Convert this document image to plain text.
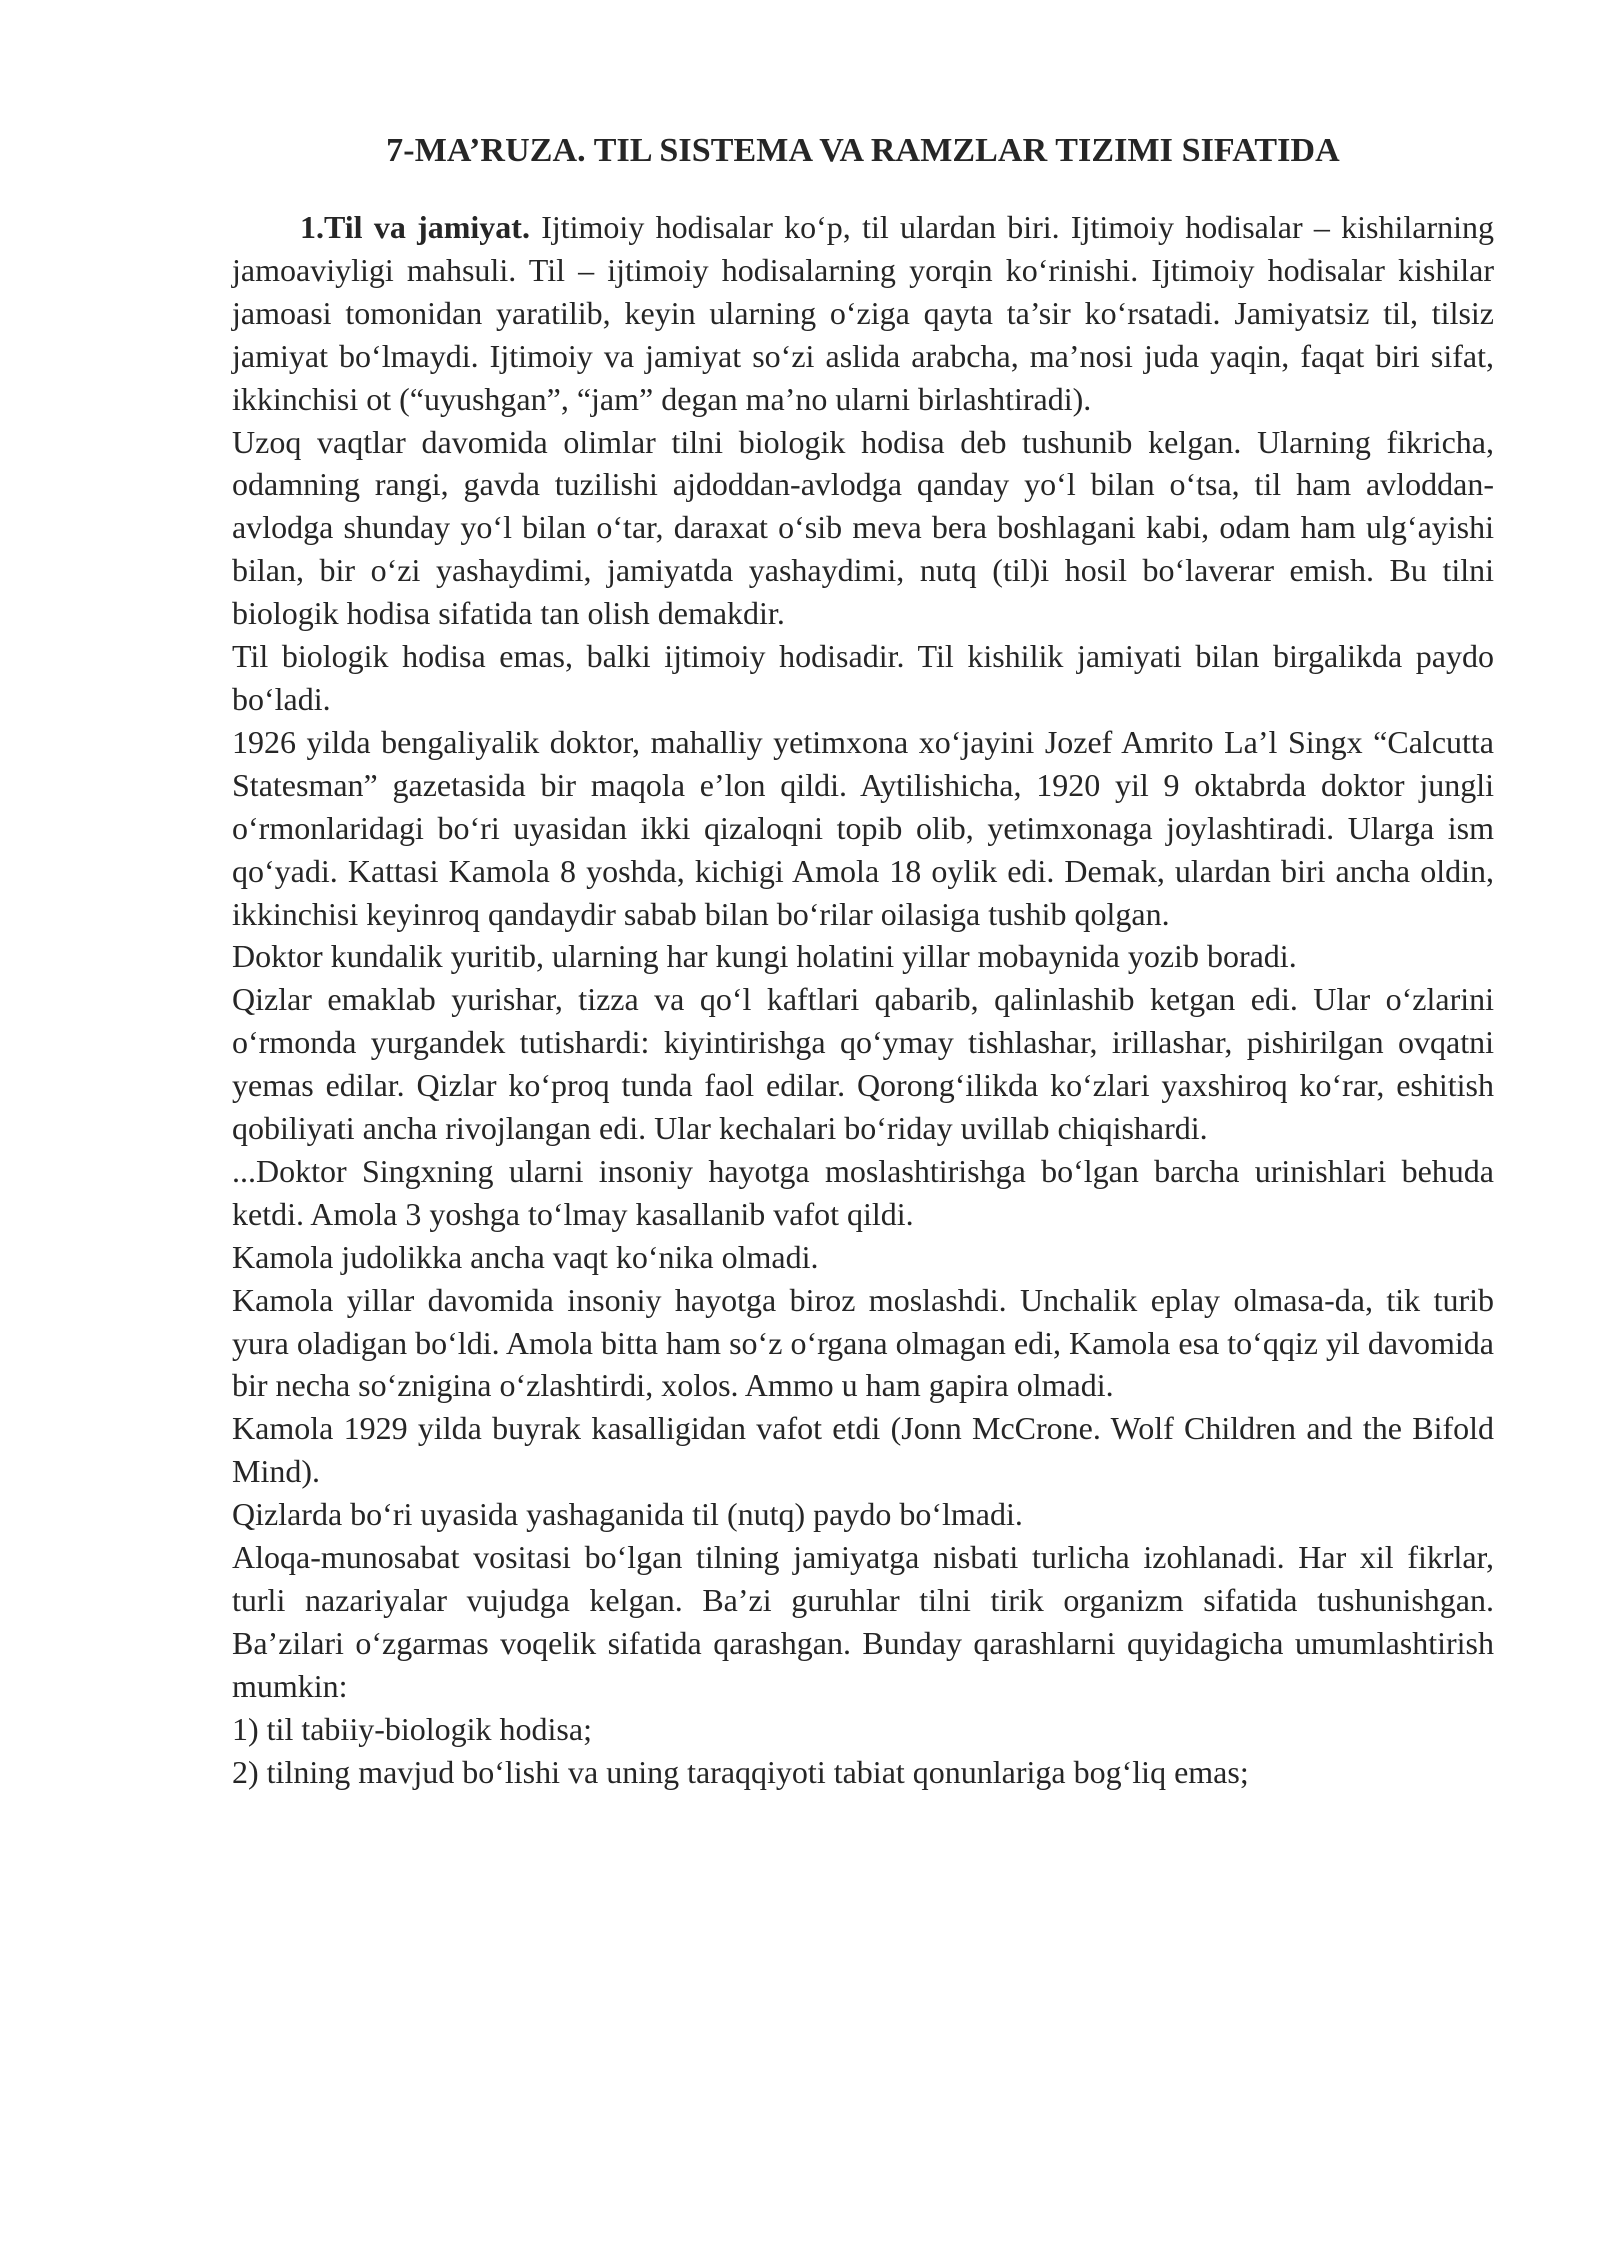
7-MA’RUZA. TIL SISTEMA VA RAMZLAR TIZIMI SIFATIDA

1.Til va jamiyat. Ijtimoiy hodisalar ko‘p, til ulardan biri. Ijtimoiy hodisalar – kishilarning jamoaviyligi mahsuli. Til – ijtimoiy hodisalarning yorqin ko‘rinishi. Ijtimoiy hodisalar kishilar jamoasi tomonidan yaratilib, keyin ularning o‘ziga qayta ta’sir ko‘rsatadi. Jamiyatsiz til, tilsiz jamiyat bo‘lmaydi. Ijtimoiy va jamiyat so‘zi aslida arabcha, ma’nosi juda yaqin, faqat biri sifat, ikkinchisi ot (“uyushgan”, “jam” degan ma’no ularni birlashtiradi).

Uzoq vaqtlar davomida olimlar tilni biologik hodisa deb tushunib kelgan. Ularning fikricha, odamning rangi, gavda tuzilishi ajdoddan-avlodga qanday yo‘l bilan o‘tsa, til ham avloddan-avlodga shunday yo‘l bilan o‘tar, daraxat o‘sib meva bera boshlagani kabi, odam ham ulg‘ayishi bilan, bir o‘zi yashaydimi, jamiyatda yashaydimi, nutq (til)i hosil bo‘laverar emish. Bu tilni biologik hodisa sifatida tan olish demakdir.

Til biologik hodisa emas, balki ijtimoiy hodisadir. Til kishilik jamiyati bilan birgalikda paydo bo‘ladi.

1926 yilda bengaliyalik doktor, mahalliy yetimxona xo‘jayini Jozef Amrito La’l Singx “Calcutta Statesman” gazetasida bir maqola e’lon qildi. Aytilishicha, 1920 yil 9 oktabrda doktor jungli o‘rmonlaridagi bo‘ri uyasidan ikki qizaloqni topib olib, yetimxonaga joylashtiradi. Ularga ism qo‘yadi. Kattasi Kamola 8 yoshda, kichigi Amola 18 oylik edi. Demak, ulardan biri ancha oldin, ikkinchisi keyinroq qandaydir sabab bilan bo‘rilar oilasiga tushib qolgan.

Doktor kundalik yuritib, ularning har kungi holatini yillar mobaynida yozib boradi.

Qizlar emaklab yurishar, tizza va qo‘l kaftlari qabarib, qalinlashib ketgan edi. Ular o‘zlarini o‘rmonda yurgandek tutishardi: kiyintirishga qo‘ymay tishlashar, irillashar, pishirilgan ovqatni yemas edilar. Qizlar ko‘proq tunda faol edilar. Qorong‘ilikda ko‘zlari yaxshiroq ko‘rar, eshitish qobiliyati ancha rivojlangan edi. Ular kechalari bo‘riday uvillab chiqishardi.

...Doktor Singxning ularni insoniy hayotga moslashtirishga bo‘lgan barcha urinishlari behuda ketdi. Amola 3 yoshga to‘lmay kasallanib vafot qildi.

Kamola judolikka ancha vaqt ko‘nika olmadi.

Kamola yillar davomida insoniy hayotga biroz moslashdi. Unchalik eplay olmasa-da, tik turib yura oladigan bo‘ldi. Amola bitta ham so‘z o‘rgana olmagan edi, Kamola esa to‘qqiz yil davomida bir necha so‘znigina o‘zlashtirdi, xolos. Ammo u ham gapira olmadi.

Kamola 1929 yilda buyrak kasalligidan vafot etdi (Jonn McCrone. Wolf Children and the Bifold Mind).

Qizlarda bo‘ri uyasida yashaganida til (nutq) paydo bo‘lmadi.

Aloqa-munosabat vositasi bo‘lgan tilning jamiyatga nisbati turlicha izohlanadi. Har xil fikrlar, turli nazariyalar vujudga kelgan. Ba’zi guruhlar tilni tirik organizm sifatida tushunishgan. Ba’zilari o‘zgarmas voqelik sifatida qarashgan. Bunday qarashlarni quyidagicha umumlashtirish mumkin:

1) til tabiiy-biologik hodisa;

2) tilning mavjud bo‘lishi va uning taraqqiyoti tabiat qonunlariga bog‘liq emas;
